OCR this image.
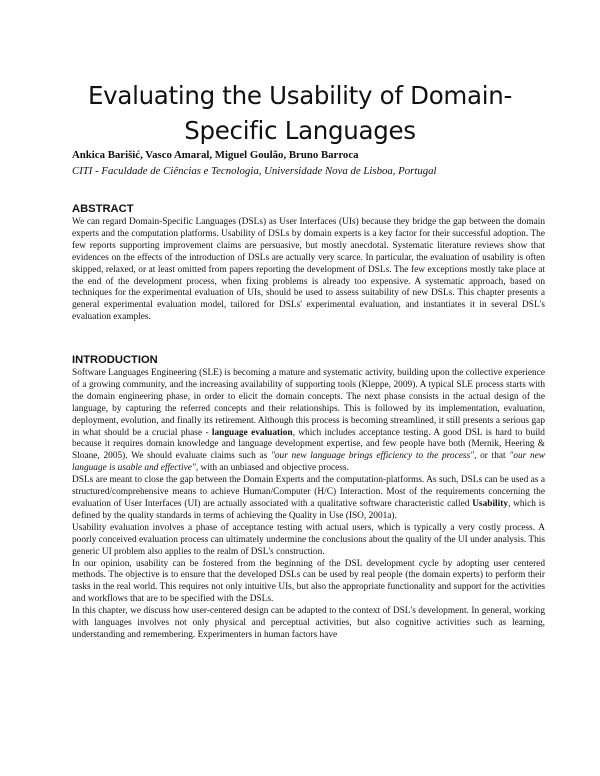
Evaluating the Usability of Domain-
Specific Languages
Ankica Barišić, Vasco Amaral, Miguel Goulão, Bruno Barroca
CITI - Faculdade de Ciências e Tecnologia, Universidade Nova de Lisboa, Portugal
ABSTRACT

We can regard Domain-Specific Languages (DSLs) as User Interfaces (UIs) because they bridge the gap between the domain experts and the computation platforms. Usability of DSLs by domain experts is a key factor for their successful adoption. The few reports supporting improvement claims are persuasive, but mostly anecdotal. Systematic literature reviews show that evidences on the effects of the introduction of DSLs are actually very scarce. In particular, the evaluation of usability is often skipped, relaxed, or at least omitted from papers reporting the development of DSLs. The few exceptions mostly take place at the end of the development process, when fixing problems is already too expensive. A systematic approach, based on techniques for the experimental evaluation of UIs, should be used to assess suitability of new DSLs. This chapter presents a general experimental evaluation model, tailored for DSLs' experimental evaluation, and instantiates it in several DSL's evaluation examples.

INTRODUCTION

Software Languages Engineering (SLE) is becoming a mature and systematic activity, building upon the collective experience of a growing community, and the increasing availability of supporting tools (Kleppe, 2009). A typical SLE process starts with the domain engineering phase, in order to elicit the domain concepts. The next phase consists in the actual design of the language, by capturing the referred concepts and their relationships. This is followed by its implementation, evaluation, deployment, evolution, and finally its retirement. Although this process is becoming streamlined, it still presents a serious gap in what should be a crucial phase - language evaluation, which includes acceptance testing. A good DSL is hard to build because it requires domain knowledge and language development expertise, and few people have both (Mernik, Heering & Sloane, 2005). We should evaluate claims such as "our new language brings efficiency to the process", or that "our new language is usable and effective", with an unbiased and objective process.

DSLs are meant to close the gap between the Domain Experts and the computation-platforms. As such, DSLs can be used as a structured/comprehensive means to achieve Human/Computer (H/C) Interaction. Most of the requirements concerning the evaluation of User Interfaces (UI) are actually associated with a qualitative software characteristic called Usability, which is defined by the quality standards in terms of achieving the Quality in Use (ISO, 2001a).

Usability evaluation involves a phase of acceptance testing with actual users, which is typically a very costly process. A poorly conceived evaluation process can ultimately undermine the conclusions about the quality of the UI under analysis. This generic UI problem also applies to the realm of DSL's construction.

In our opinion, usability can be fostered from the beginning of the DSL development cycle by adopting user centered methods. The objective is to ensure that the developed DSLs can be used by real people (the domain experts) to perform their tasks in the real world. This requires not only intuitive UIs, but also the appropriate functionality and support for the activities and workflows that are to be specified with the DSLs.

In this chapter, we discuss how user-centered design can be adapted to the context of DSL's development. In general, working with languages involves not only physical and perceptual activities, but also cognitive activities such as learning, understanding and remembering. Experimenters in human factors have
